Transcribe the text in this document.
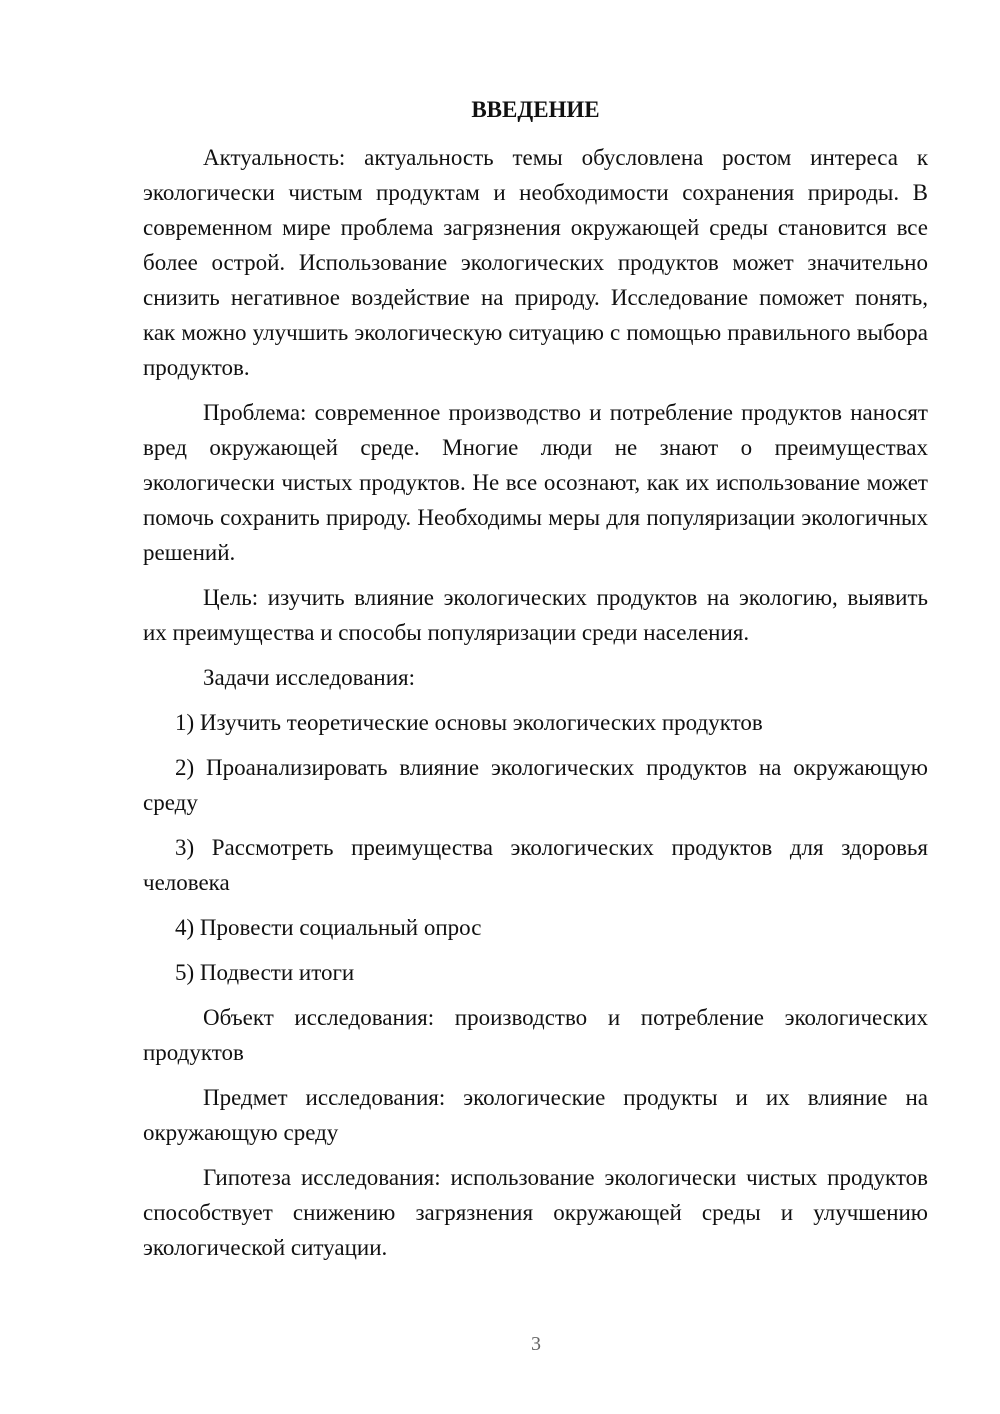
ВВЕДЕНИЕ

Актуальность: актуальность темы обусловлена ростом интереса к экологически чистым продуктам и необходимости сохранения природы. В современном мире проблема загрязнения окружающей среды становится все более острой. Использование экологических продуктов может значительно снизить негативное воздействие на природу. Исследование поможет понять, как можно улучшить экологическую ситуацию с помощью правильного выбора продуктов.

Проблема: современное производство и потребление продуктов наносят вред окружающей среде. Многие люди не знают о преимуществах экологически чистых продуктов. Не все осознают, как их использование может помочь сохранить природу. Необходимы меры для популяризации экологичных решений.

Цель: изучить влияние экологических продуктов на экологию, выявить их преимущества и способы популяризации среди населения.

Задачи исследования:

1) Изучить теоретические основы экологических продуктов

2) Проанализировать влияние экологических продуктов на окружающую среду

3) Рассмотреть преимущества экологических продуктов для здоровья человека

4) Провести социальный опрос

5) Подвести итоги

Объект исследования: производство и потребление экологических продуктов

Предмет исследования: экологические продукты и их влияние на окружающую среду

Гипотеза исследования: использование экологически чистых продуктов способствует снижению загрязнения окружающей среды и улучшению экологической ситуации.

3
